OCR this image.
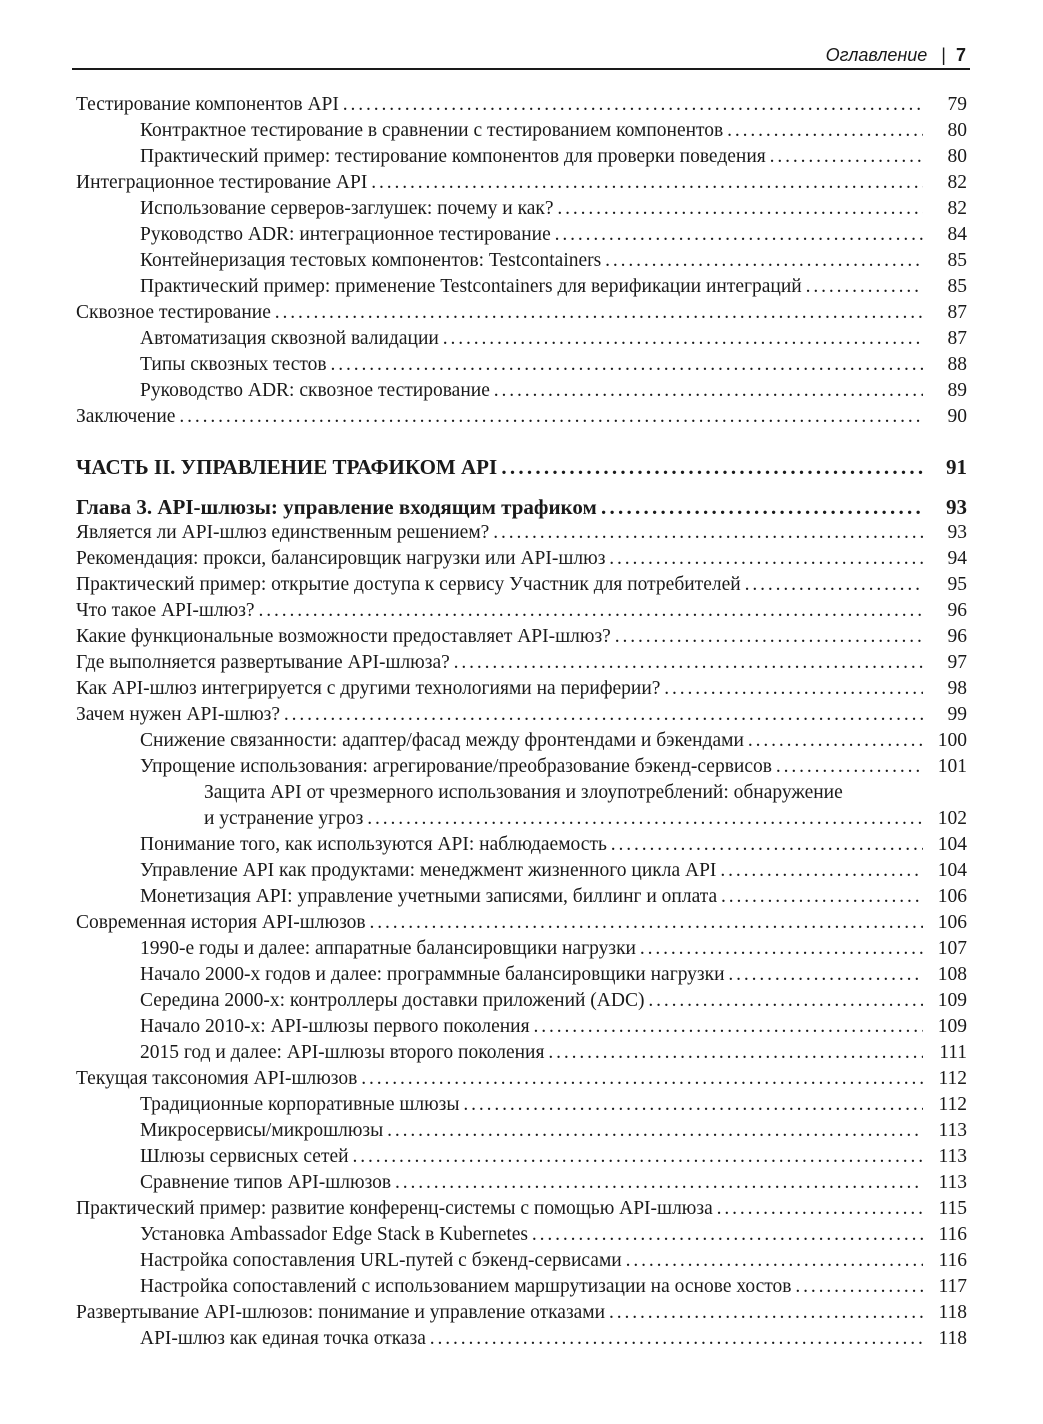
Оглавление | 7
Тестирование компонентов API . . .	79
Контрактное тестирование в сравнении с тестированием компонентов . . .	80
Практический пример: тестирование компонентов для проверки поведения . . .	80
Интеграционное тестирование API . . .	82
Использование серверов-заглушек: почему и как? . . .	82
Руководство ADR: интеграционное тестирование . . .	84
Контейнеризация тестовых компонентов: Testcontainers . . .	85
Практический пример: применение Testcontainers для верификации интеграций . . .	85
Сквозное тестирование . . .	87
Автоматизация сквозной валидации . . .	87
Типы сквозных тестов . . .	88
Руководство ADR: сквозное тестирование . . .	89
Заключение . . .	90
ЧАСТЬ II. УПРАВЛЕНИЕ ТРАФИКОМ API . . .	91
Глава 3. API-шлюзы: управление входящим трафиком . . .	93
Является ли API-шлюз единственным решением? . . .	93
Рекомендация: прокси, балансировщик нагрузки или API-шлюз . . .	94
Практический пример: открытие доступа к сервису Участник для потребителей . . .	95
Что такое API-шлюз? . . .	96
Какие функциональные возможности предоставляет API-шлюз? . . .	96
Где выполняется развертывание API-шлюза? . . .	97
Как API-шлюз интегрируется с другими технологиями на периферии? . . .	98
Зачем нужен API-шлюз? . . .	99
Снижение связанности: адаптер/фасад между фронтендами и бэкендами . . .	100
Упрощение использования: агрегирование/преобразование бэкенд-сервисов . . .	101
Защита API от чрезмерного использования и злоупотреблений: обнаружение
и устранение угроз . . .	102
Понимание того, как используются API: наблюдаемость . . .	104
Управление API как продуктами: менеджмент жизненного цикла API . . .	104
Монетизация API: управление учетными записями, биллинг и оплата . . .	106
Современная история API-шлюзов . . .	106
1990-е годы и далее: аппаратные балансировщики нагрузки . . .	107
Начало 2000-х годов и далее: программные балансировщики нагрузки . . .	108
Середина 2000-х: контроллеры доставки приложений (ADC) . . .	109
Начало 2010-х: API-шлюзы первого поколения . . .	109
2015 год и далее: API-шлюзы второго поколения . . .	111
Текущая таксономия API-шлюзов . . .	112
Традиционные корпоративные шлюзы . . .	112
Микросервисы/микрошлюзы . . .	113
Шлюзы сервисных сетей . . .	113
Сравнение типов API-шлюзов . . .	113
Практический пример: развитие конференц-системы с помощью API-шлюза . . .	115
Установка Ambassador Edge Stack в Kubernetes . . .	116
Настройка сопоставления URL-путей с бэкенд-сервисами . . .	116
Настройка сопоставлений с использованием маршрутизации на основе хостов . . .	117
Развертывание API-шлюзов: понимание и управление отказами . . .	118
API-шлюз как единая точка отказа . . .	118
